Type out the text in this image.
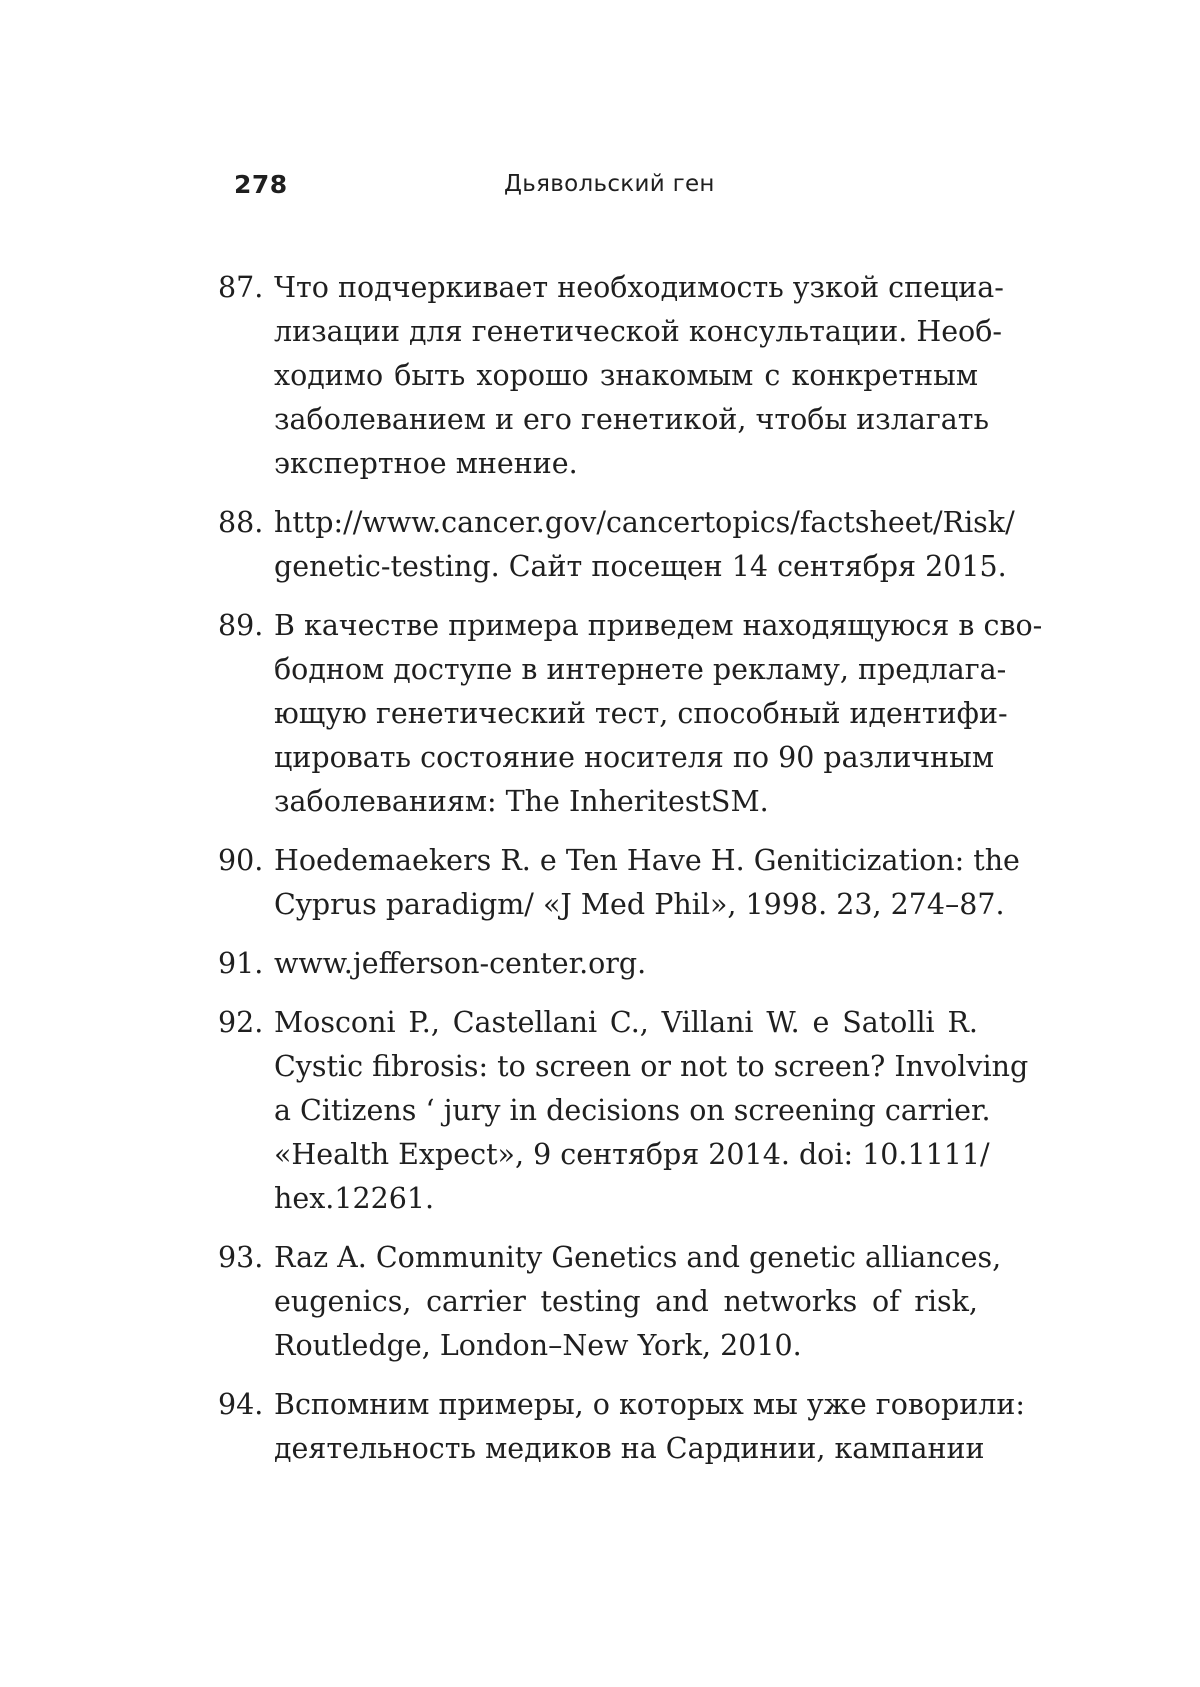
278	Дьявольский ген
87. Что подчеркивает необходимость узкой специа-
лизации для генетической консультации. Необ-
ходимо быть хорошо знакомым с конкретным
заболеванием и его генетикой, чтобы излагать
экспертное мнение.
88. http://www.cancer.gov/cancertopics/factsheet/Risk/
genetic-testing. Сайт посещен 14 сентября 2015.
89. В качестве примера приведем находящуюся в сво-
бодном доступе в интернете рекламу, предлага-
ющую генетический тест, способный идентифи-
цировать состояние носителя по 90 различным
заболеваниям: The InheritestSM.
90. Hoedemaekers R. e Ten Have H. Geniticization: the
Cyprus paradigm/ «J Med Phil», 1998. 23, 274–87.
91. www.jefferson-center.org.
92. Mosconi P., Castellani C., Villani W. e Satolli R.
Cystic fibrosis: to screen or not to screen? Involving
a Citizens ‘ jury in decisions on screening carrier.
«Health Expect», 9 сентября 2014. doi: 10.1111/
hex.12261.
93. Raz A. Community Genetics and genetic alliances,
eugenics, carrier testing and networks of risk,
Routledge, London–New York, 2010.
94. Вспомним примеры, о которых мы уже говорили:
деятельность медиков на Сардинии, кампании
